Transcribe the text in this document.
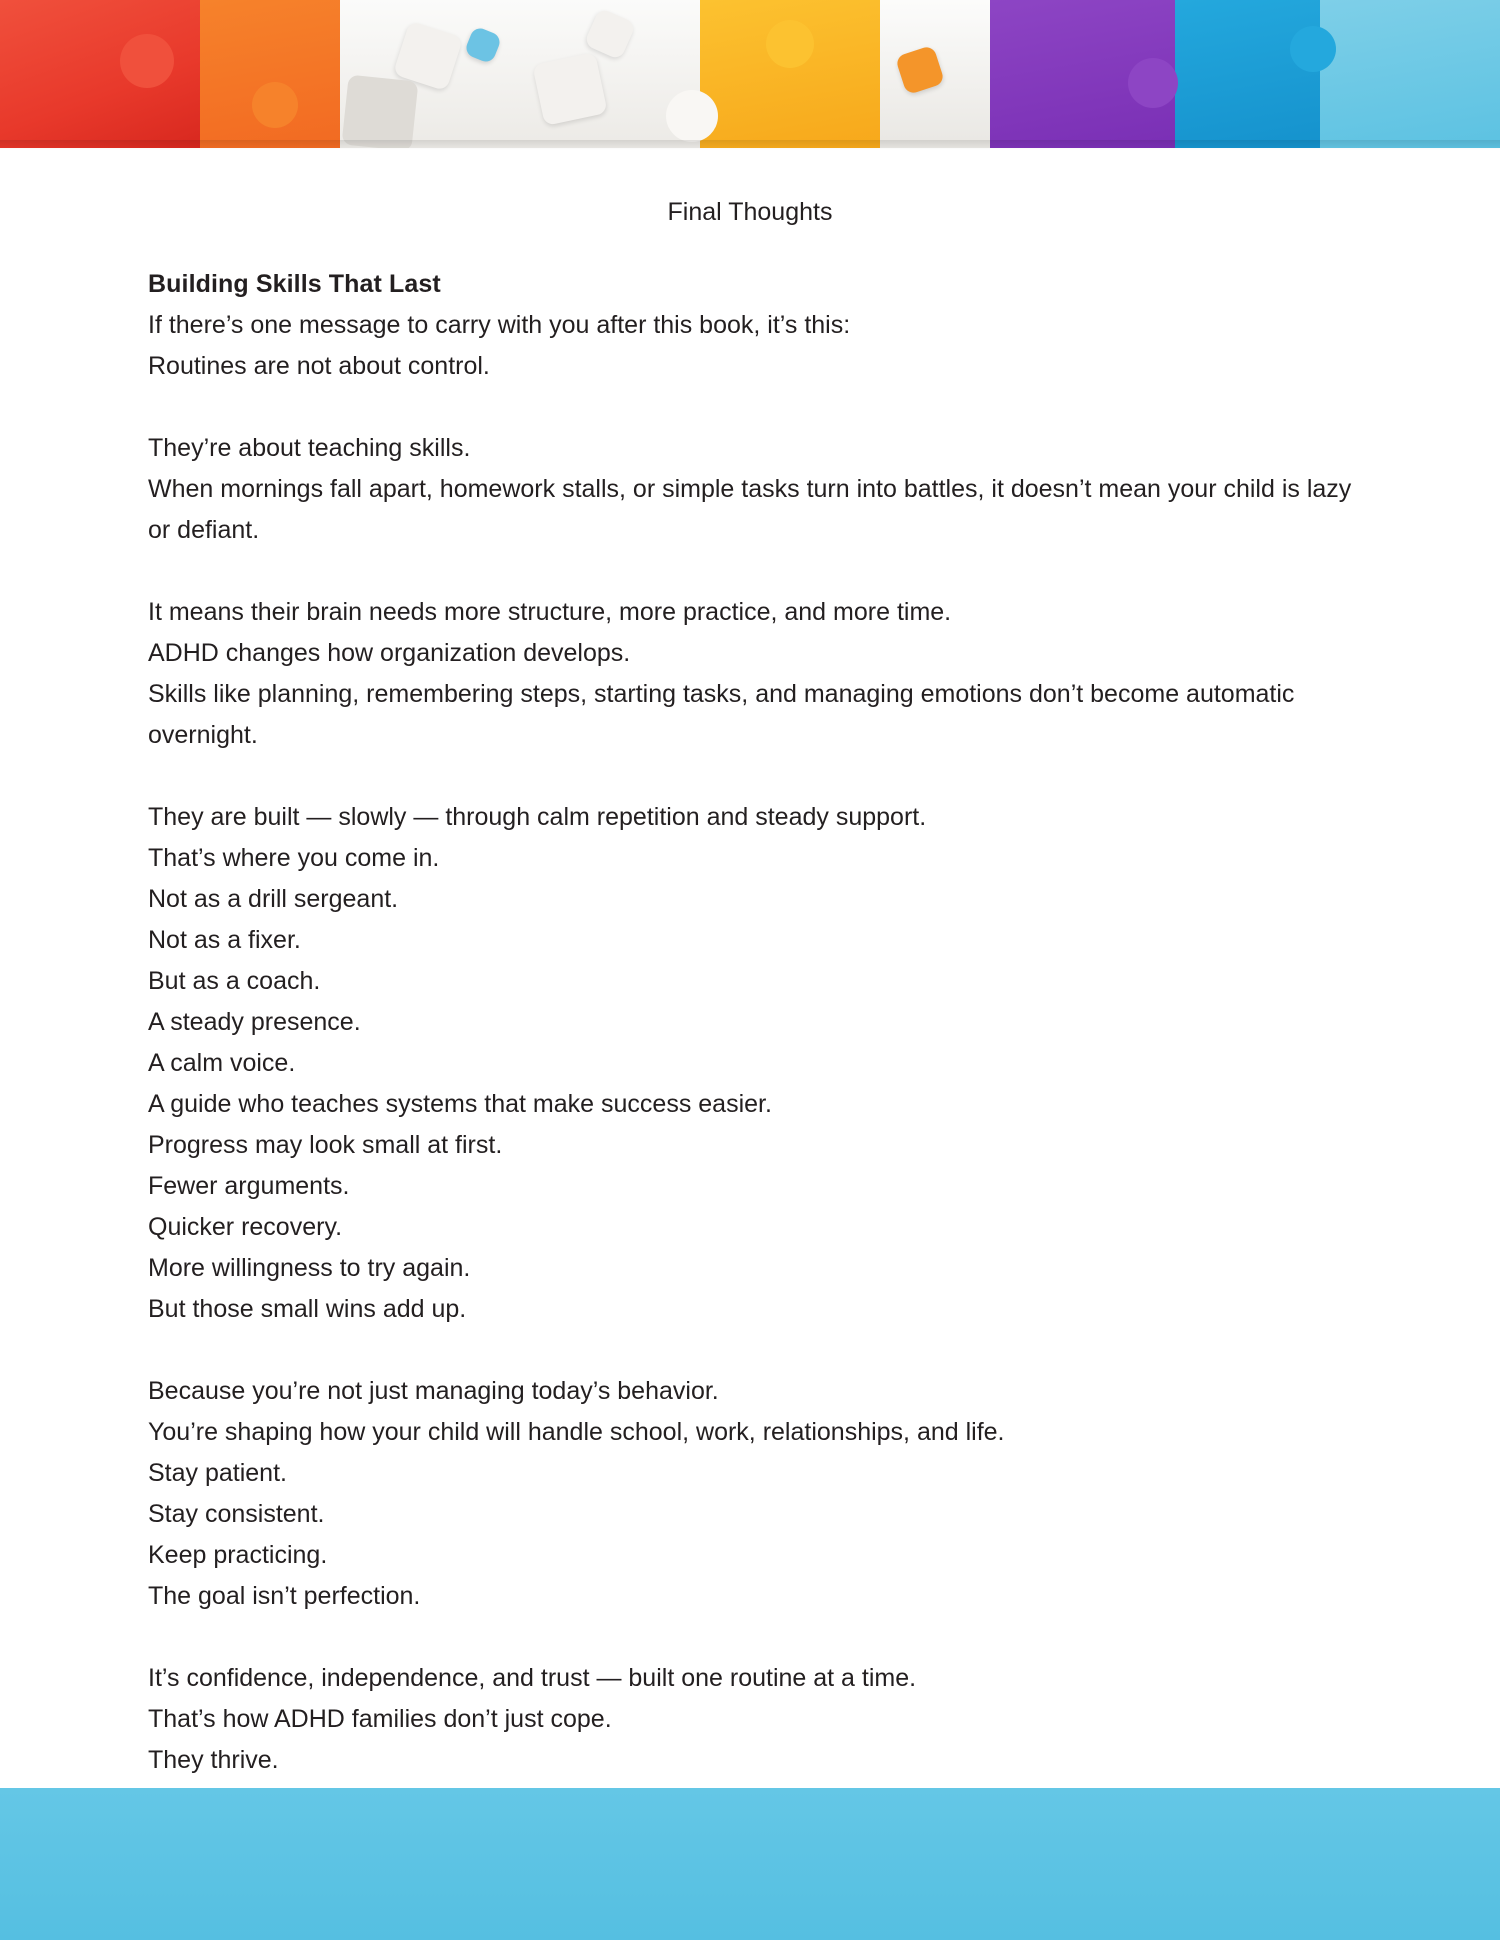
Final Thoughts

Building Skills That Last
If there’s one message to carry with you after this book, it’s this:
Routines are not about control.

They’re about teaching skills.
When mornings fall apart, homework stalls, or simple tasks turn into battles, it doesn’t mean your child is lazy or defiant.

It means their brain needs more structure, more practice, and more time.
ADHD changes how organization develops.
Skills like planning, remembering steps, starting tasks, and managing emotions don’t become automatic overnight.

They are built — slowly — through calm repetition and steady support.
That’s where you come in.
Not as a drill sergeant.
Not as a fixer.
But as a coach.
A steady presence.
A calm voice.
A guide who teaches systems that make success easier.
Progress may look small at first.
Fewer arguments.
Quicker recovery.
More willingness to try again.
But those small wins add up.

Because you’re not just managing today’s behavior.
You’re shaping how your child will handle school, work, relationships, and life.
Stay patient.
Stay consistent.
Keep practicing.
The goal isn’t perfection.

It’s confidence, independence, and trust — built one routine at a time.
That’s how ADHD families don’t just cope.
They thrive.
